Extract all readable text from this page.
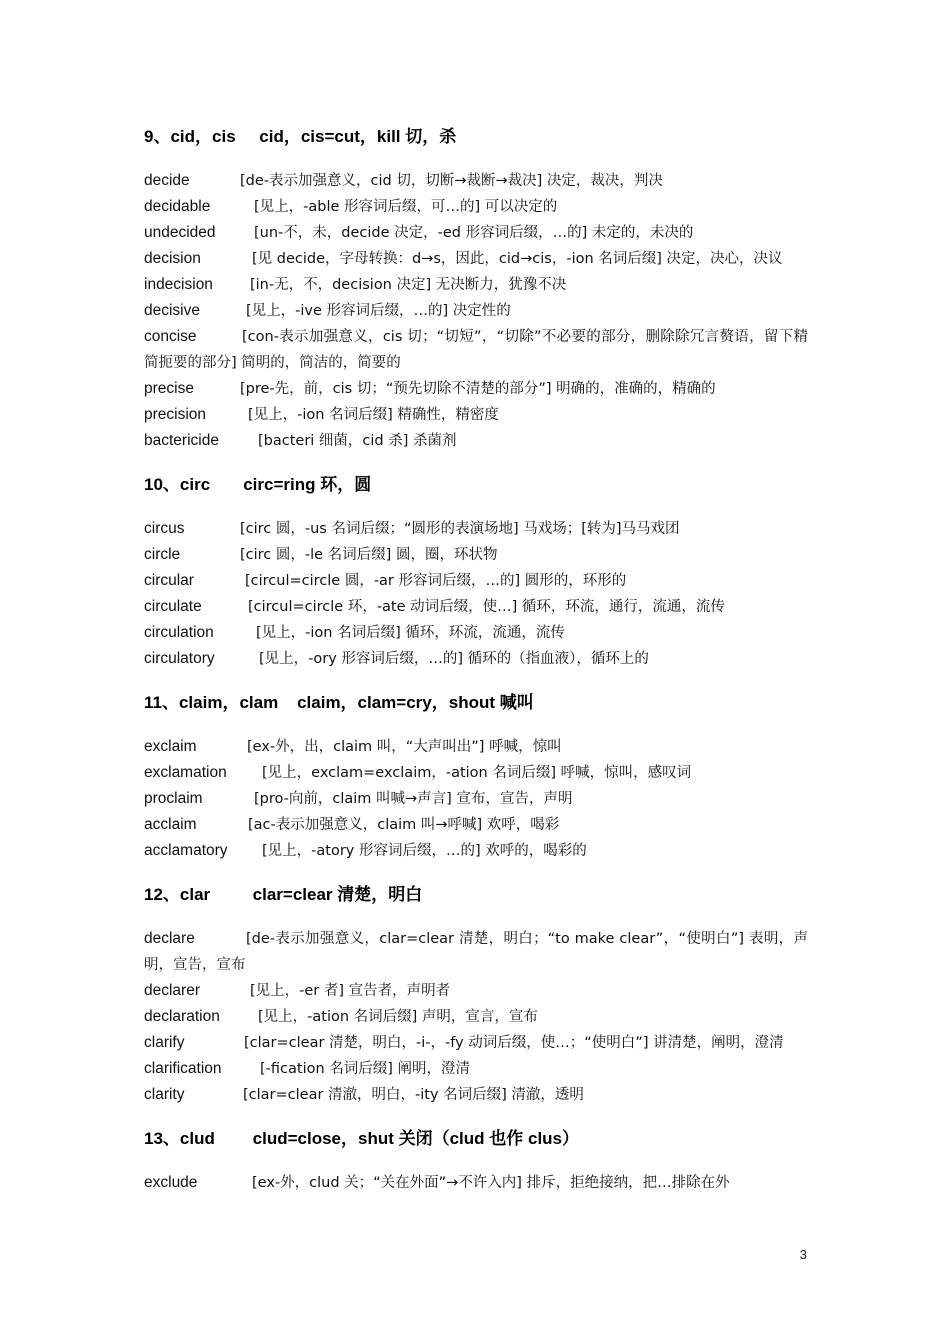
9、cid，cis     cid，cis=cut，kill 切，杀
decide	[de-表示加强意义，cid 切，切断→裁断→裁决] 决定，裁决，判决
decidable	[见上，-able 形容词后缀，可…的] 可以决定的
undecided	[un-不，未，decide 决定，-ed 形容词后缀，…的] 未定的，未决的
decision	[见 decide，字母转换：d→s，因此，cid→cis，-ion 名词后缀] 决定，决心，决议
indecision	[in-无，不，decision 决定] 无决断力，犹豫不决
decisive	[见上，-ive 形容词后缀，…的] 决定性的
concise	[con-表示加强意义，cis 切；“切短”，“切除”不必要的部分，删除除冗言赘语，留下精简扼要的部分] 简明的，简洁的，简要的
precise	[pre-先，前，cis 切；“预先切除不清楚的部分”] 明确的，准确的，精确的
precision	[见上，-ion 名词后缀] 精确性，精密度
bactericide	[bacteri 细菌，cid 杀] 杀菌剂
10、circ       circ=ring 环，圆
circus	[circ 圆，-us 名词后缀；“圆形的表演场地] 马戏场；[转为]马马戏团
circle	[circ 圆，-le 名词后缀] 圆，圈，环状物
circular	[circul=circle 圆，-ar 形容词后缀，…的] 圆形的，环形的
circulate	[circul=circle 环，-ate 动词后缀，使…] 循环，环流，通行，流通，流传
circulation	[见上，-ion 名词后缀] 循环，环流，流通，流传
circulatory	[见上，-ory 形容词后缀，…的] 循环的（指血液），循环上的
11、claim，clam    claim，clam=cry，shout 喊叫
exclaim	[ex-外，出，claim 叫，“大声叫出”] 呼喊，惊叫
exclamation [见上，exclam=exclaim，-ation 名词后缀] 呼喊，惊叫，感叹词
proclaim	[pro-向前，claim 叫喊→声言] 宣布，宣告，声明
acclaim	[ac-表示加强意义，claim 叫→呼喊] 欢呼，喝彩
acclamatory [见上，-atory 形容词后缀，…的] 欢呼的，喝彩的
12、clar         clar=clear 清楚，明白
declare	[de-表示加强意义，clar=clear 清楚，明白；“to make clear”，“使明白”] 表明，声明，宣告，宣布
declarer	[见上，-er 者] 宣告者，声明者
declaration	[见上，-ation 名词后缀] 声明，宣言，宣布
clarify	[clar=clear 清楚，明白，-i-，-fy 动词后缀，使…；“使明白”] 讲清楚，阐明，澄清
clarification	[-fication 名词后缀] 阐明，澄清
clarity	[clar=clear 清澈，明白，-ity 名词后缀] 清澈，透明
13、clud        clud=close，shut 关闭（clud 也作 clus）
exclude	[ex-外，clud 关；“关在外面”→不许入内] 排斥，拒绝接纳，把…排除在外
3
